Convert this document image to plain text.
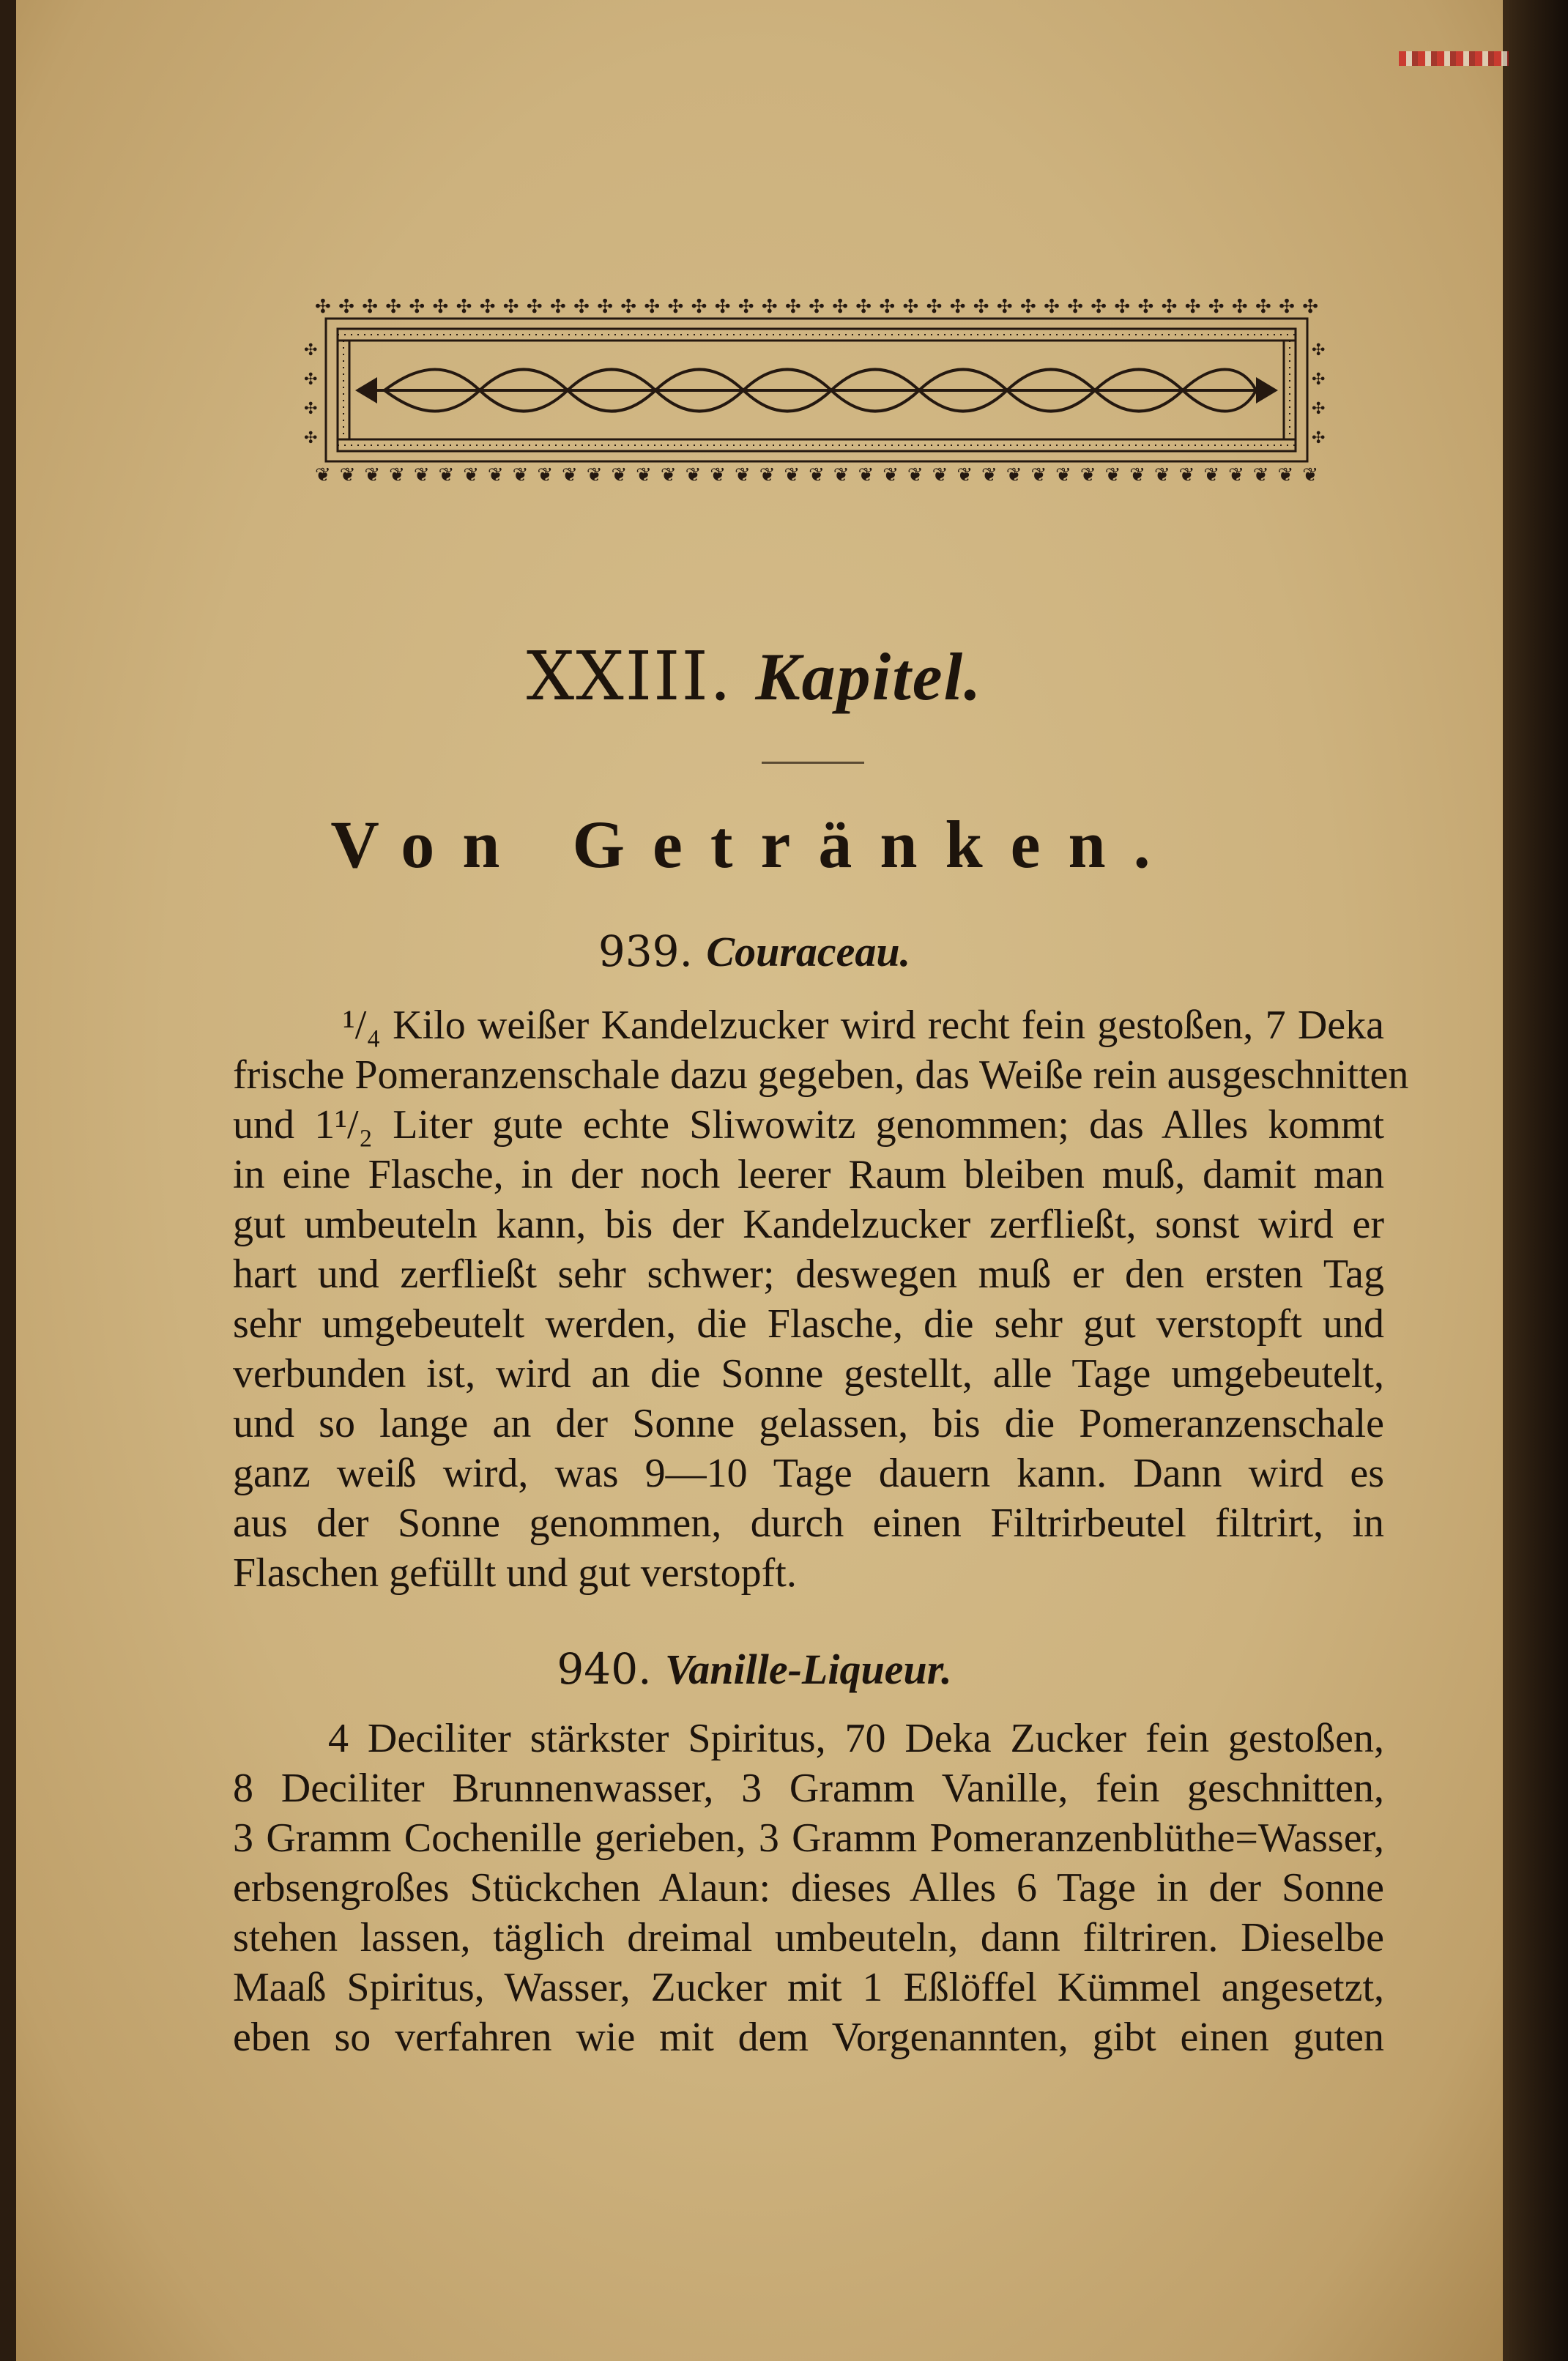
✣✣✣✣✣✣✣✣✣✣✣✣✣✣✣✣✣✣✣✣✣✣✣✣✣✣✣✣✣✣✣✣✣✣✣✣✣✣✣✣✣✣✣
❦❦❦❦❦❦❦❦❦❦❦❦❦❦❦❦❦❦❦❦❦❦❦❦❦❦❦❦❦❦❦❦❦❦❦❦❦❦❦❦❦
✣
✣
✣
✣
✣
✣
✣
✣
XXIII. Kapitel.
Von Getränken.
939. Couraceau.
¹/₄ Kilo weißer Kandelzucker wird recht fein gestoßen, 7 Deka
frische Pomeranzenschale dazu gegeben, das Weiße rein ausgeschnitten
und 1¹/₂ Liter gute echte Sliwowitz genommen; das Alles kommt
in eine Flasche, in der noch leerer Raum bleiben muß, damit man
gut umbeuteln kann, bis der Kandelzucker zerfließt, sonst wird er
hart und zerfließt sehr schwer; deswegen muß er den ersten Tag
sehr umgebeutelt werden, die Flasche, die sehr gut verstopft und
verbunden ist, wird an die Sonne gestellt, alle Tage umgebeutelt,
und so lange an der Sonne gelassen, bis die Pomeranzenschale
ganz weiß wird, was 9—10 Tage dauern kann. Dann wird es
aus der Sonne genommen, durch einen Filtrirbeutel filtrirt, in
Flaschen gefüllt und gut verstopft.
940. Vanille-Liqueur.
4 Deciliter stärkster Spiritus, 70 Deka Zucker fein gestoßen,
8 Deciliter Brunnenwasser, 3 Gramm Vanille, fein geschnitten,
3 Gramm Cochenille gerieben, 3 Gramm Pomeranzenblüthe=Wasser,
erbsengroßes Stückchen Alaun: dieses Alles 6 Tage in der Sonne
stehen lassen, täglich dreimal umbeuteln, dann filtriren. Dieselbe
Maaß Spiritus, Wasser, Zucker mit 1 Eßlöffel Kümmel angesetzt,
eben so verfahren wie mit dem Vorgenannten, gibt einen guten
